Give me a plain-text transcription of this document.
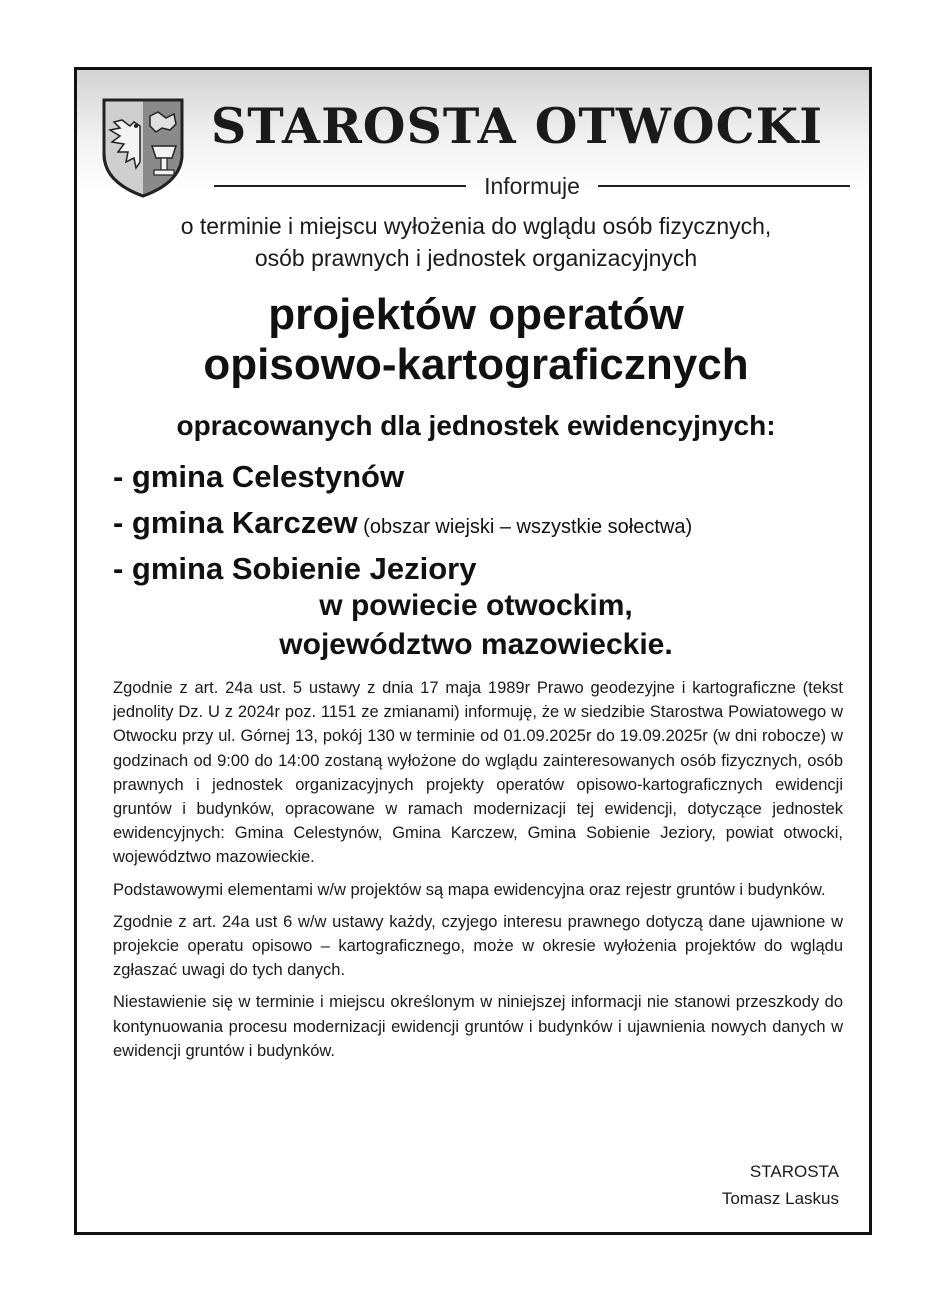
STAROSTA OTWOCKI
Informuje
o terminie i miejscu wyłożenia do wglądu osób fizycznych,
osób prawnych i jednostek organizacyjnych
projektów operatów
opisowo-kartograficznych
opracowanych dla jednostek ewidencyjnych:
- gmina Celestynów
- gmina Karczew (obszar wiejski – wszystkie sołectwa)
- gmina Sobienie Jeziory
w powiecie otwockim,
województwo mazowieckie.

Zgodnie z art. 24a ust. 5 ustawy z dnia 17 maja 1989r Prawo geodezyjne i kartograficzne (tekst jednolity Dz. U z 2024r poz. 1151 ze zmianami) informuję, że w siedzibie Starostwa Powiatowego w Otwocku przy ul. Górnej 13, pokój 130 w terminie od 01.09.2025r do 19.09.2025r (w dni robocze) w godzinach od 9:00 do 14:00 zostaną wyłożone do wglądu zainteresowanych osób fizycznych, osób prawnych i jednostek organizacyjnych projekty operatów opisowo-kartograficznych ewidencji gruntów i budynków, opracowane w ramach modernizacji tej ewidencji, dotyczące jednostek ewidencyjnych: Gmina Celestynów, Gmina Karczew, Gmina Sobienie Jeziory, powiat otwocki, województwo mazowieckie.

Podstawowymi elementami w/w projektów są mapa ewidencyjna oraz rejestr gruntów i budynków.

Zgodnie z art. 24a ust 6 w/w ustawy każdy, czyjego interesu prawnego dotyczą dane ujawnione w projekcie operatu opisowo – kartograficznego, może w okresie wyłożenia projektów do wglądu zgłaszać uwagi do tych danych.

Niestawienie się w terminie i miejscu określonym w niniejszej informacji nie stanowi przeszkody do kontynuowania procesu modernizacji ewidencji gruntów i budynków i ujawnienia nowych danych w ewidencji gruntów i budynków.

STAROSTA
Tomasz Laskus
